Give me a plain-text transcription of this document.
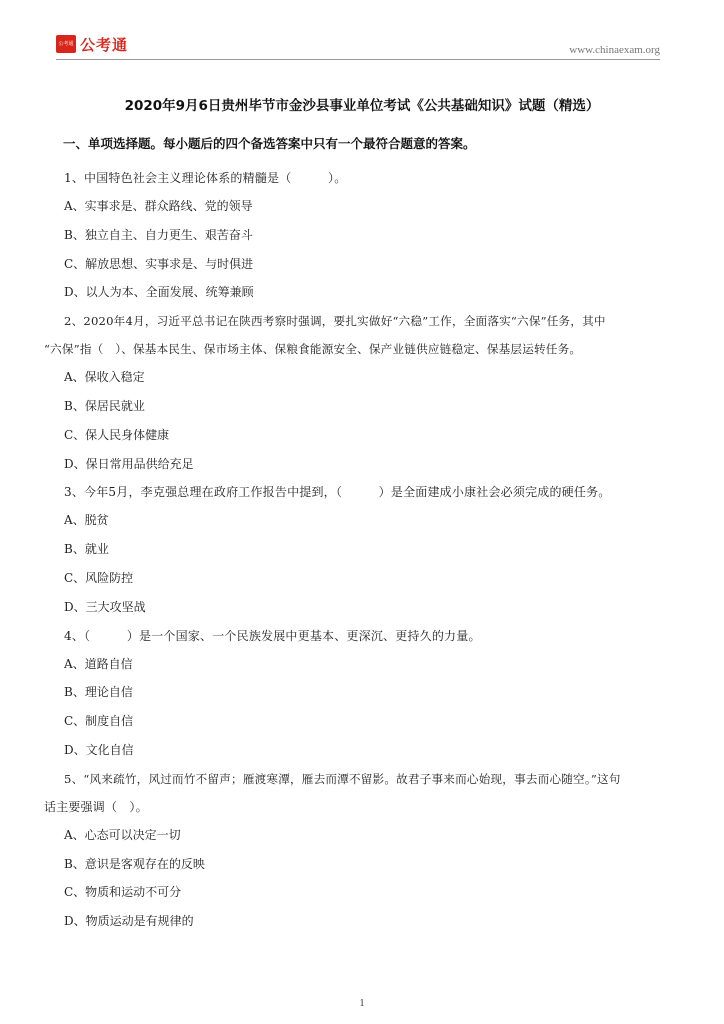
公考通 公考通	www.chinaexam.org
2020年9月6日贵州毕节市金沙县事业单位考试《公共基础知识》试题（精选）
一、单项选择题。每小题后的四个备选答案中只有一个最符合题意的答案。
1、中国特色社会主义理论体系的精髓是（　　　）。
A、实事求是、群众路线、党的领导
B、独立自主、自力更生、艰苦奋斗
C、解放思想、实事求是、与时俱进
D、以人为本、全面发展、统筹兼顾
2、2020年4月，习近平总书记在陕西考察时强调，要扎实做好“六稳”工作，全面落实“六保”任务，其中
“六保”指（　）、保基本民生、保市场主体、保粮食能源安全、保产业链供应链稳定、保基层运转任务。
A、保收入稳定
B、保居民就业
C、保人民身体健康
D、保日常用品供给充足
3、今年5月，李克强总理在政府工作报告中提到，（　　　）是全面建成小康社会必须完成的硬任务。
A、脱贫
B、就业
C、风险防控
D、三大攻坚战
4、（　　　）是一个国家、一个民族发展中更基本、更深沉、更持久的力量。
A、道路自信
B、理论自信
C、制度自信
D、文化自信
5、“风来疏竹，风过而竹不留声；雁渡寒潭，雁去而潭不留影。故君子事来而心始现，事去而心随空。”这句
话主要强调（　）。
A、心态可以决定一切
B、意识是客观存在的反映
C、物质和运动不可分
D、物质运动是有规律的
1
